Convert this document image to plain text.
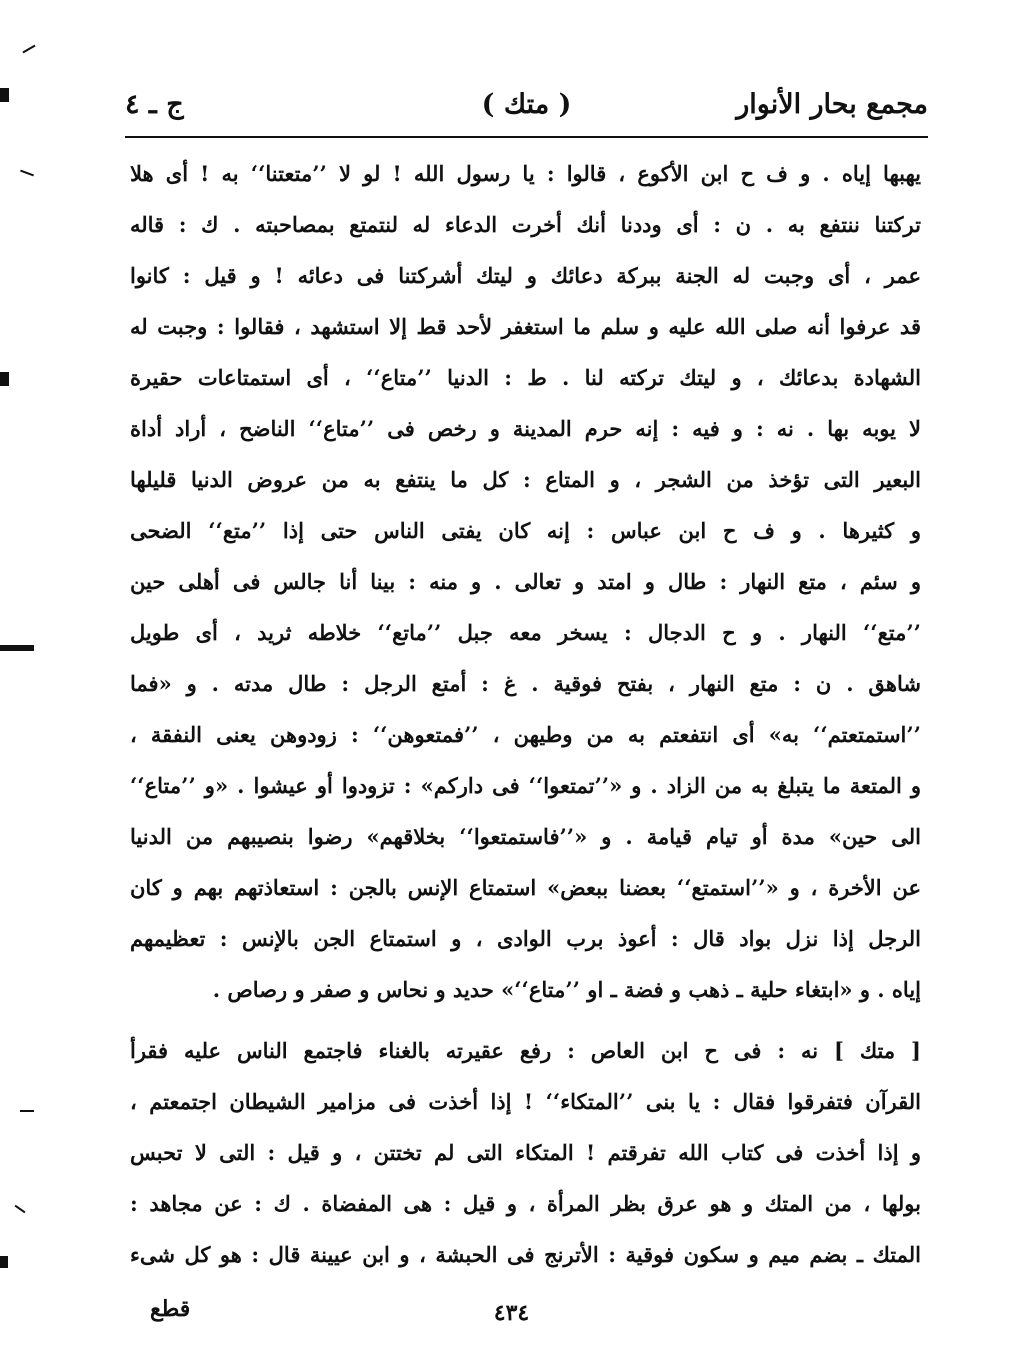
مجمع بحار الأنوار
( متك )
ج ـ ٤
يهبها إياه . و ف ح ابن الأكوع ، قالوا : يا رسول الله ! لو لا ’’متعتنا‘‘ به ! أى هلا
تركتنا ننتفع به . ن : أى وددنا أنك أخرت الدعاء له لنتمتع بمصاحبته . ك : قاله
عمر ، أى وجبت له الجنة ببركة دعائك و ليتك أشركتنا فى دعائه ! و قيل : كانوا
قد عرفوا أنه صلى الله عليه و سلم ما استغفر لأحد قط إلا استشهد ، فقالوا : وجبت له
الشهادة بدعائك ، و ليتك تركته لنا . ط : الدنيا ’’متاع‘‘ ، أى استمتاعات حقيرة
لا يوبه بها . نه : و فيه : إنه حرم المدينة و رخص فى ’’متاع‘‘ الناضح ، أراد أداة
البعير التى تؤخذ من الشجر ، و المتاع : كل ما ينتفع به من عروض الدنيا قليلها
و كثيرها . و ف ح ابن عباس : إنه كان يفتى الناس حتى إذا ’’متع‘‘ الضحى
و سئم ، متع النهار : طال و امتد و تعالى . و منه : بينا أنا جالس فى أهلى حين
’’متع‘‘ النهار . و ح الدجال : يسخر معه جبل ’’ماتع‘‘ خلاطه ثريد ، أى طويل
شاهق . ن : متع النهار ، بفتح فوقية . غ : أمتع الرجل : طال مدته . و «فما
’’استمتعتم‘‘ به» أى انتفعتم به من وطيهن ، ’’فمتعوهن‘‘ : زودوهن يعنى النفقة ،
و المتعة ما يتبلغ به من الزاد . و «’’تمتعوا‘‘ فى داركم» : تزودوا أو عيشوا . «و ’’متاع‘‘
الى حين» مدة أو تيام قيامة . و «’’فاستمتعوا‘‘ بخلاقهم» رضوا بنصيبهم من الدنيا
عن الأخرة ، و «’’استمتع‘‘ بعضنا ببعض» استمتاع الإنس بالجن : استعاذتهم بهم و كان
الرجل إذا نزل بواد قال : أعوذ برب الوادى ، و استمتاع الجن بالإنس : تعظيمهم
إياه . و «ابتغاء حلية ـ ذهب و فضة ـ او ’’متاع‘‘» حديد و نحاس و صفر و رصاص .
[ متك ] نه : فى ح ابن العاص : رفع عقيرته بالغناء فاجتمع الناس عليه فقرأ
القرآن فتفرقوا فقال : يا بنى ’’المتكاء‘‘ ! إذا أخذت فى مزامير الشيطان اجتمعتم ،
و إذا أخذت فى كتاب الله تفرقتم ! المتكاء التى لم تختتن ، و قيل : التى لا تحبس
بولها ، من المتك و هو عرق بظر المرأة ، و قيل : هى المفضاة . ك : عن مجاهد :
المتك ـ بضم ميم و سكون فوقية : الأترنج فى الحبشة ، و ابن عيينة قال : هو كل شىء
٤٣٤
قطع
